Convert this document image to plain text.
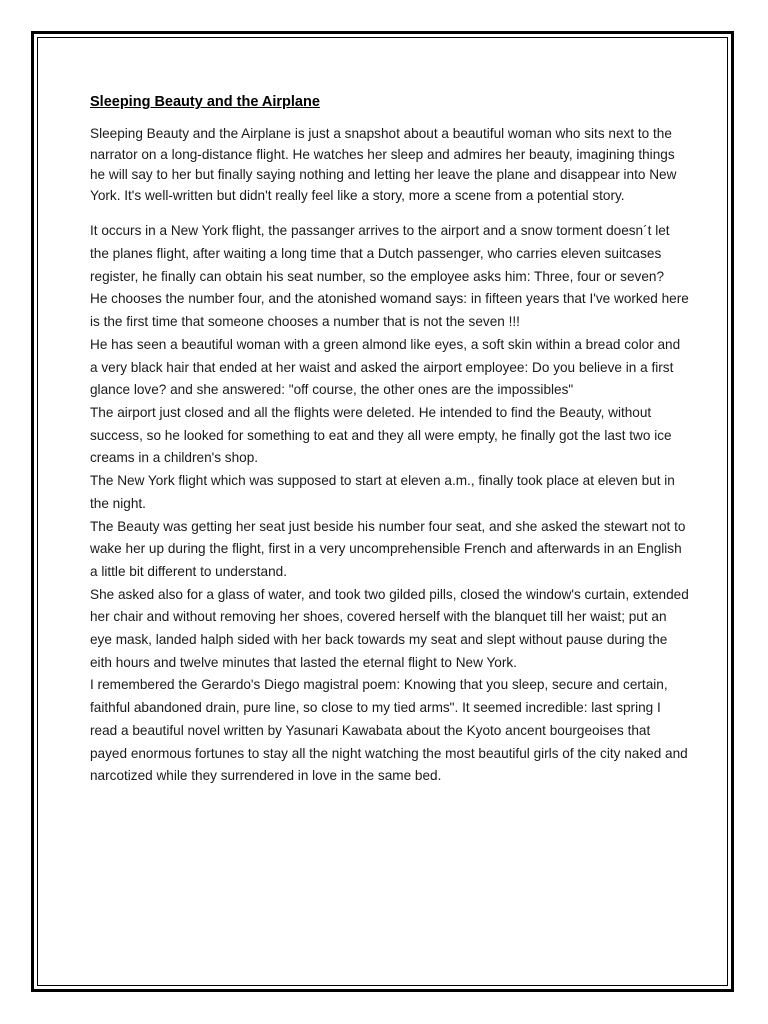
Sleeping Beauty and the Airplane

Sleeping Beauty and the Airplane is just a snapshot about a beautiful woman who sits next to the narrator on a long-distance flight. He watches her sleep and admires her beauty, imagining things he will say to her but finally saying nothing and letting her leave the plane and disappear into New York. It's well-written but didn't really feel like a story, more a scene from a potential story.

It occurs in a New York flight, the passanger arrives to the airport and a snow torment doesn´t let the planes flight, after waiting a long time that a Dutch passenger, who carries eleven suitcases register, he finally can obtain his seat number, so the employee asks him: Three, four or seven?

He chooses the number four, and the atonished womand says: in fifteen years that I've worked here is the first time that someone chooses a number that is not the seven !!!

He has seen a beautiful woman with a green almond like eyes, a soft skin within a bread color and a very black hair that ended at her waist and asked the airport employee: Do you believe in a first glance love? and she answered: "off course, the other ones are the impossibles"

The airport just closed and all the flights were deleted. He intended to find the Beauty, without success, so he looked for something to eat and they all were empty, he finally got the last two ice creams in a children's shop.

The New York flight which was supposed to start at eleven a.m., finally took place at eleven but in the night.

The Beauty was getting her seat just beside his number four seat, and she asked the stewart not to wake her up during the flight, first in a very uncomprehensible French and afterwards in an English a little bit different to understand.

She asked also for a glass of water, and took two gilded pills, closed the window's curtain, extended her chair and without removing her shoes, covered herself with the blanquet till her waist; put an eye mask, landed halph sided with her back towards my seat and slept without pause during the eith hours and twelve minutes that lasted the eternal flight to New York.

I remembered the Gerardo's Diego magistral poem: Knowing that you sleep, secure and certain, faithful abandoned drain, pure line, so close to my tied arms". It seemed incredible: last spring I read a beautiful novel written by Yasunari Kawabata about the Kyoto ancent bourgeoises that payed enormous fortunes to stay all the night watching the most beautiful girls of the city naked and narcotized while they surrendered in love in the same bed.
